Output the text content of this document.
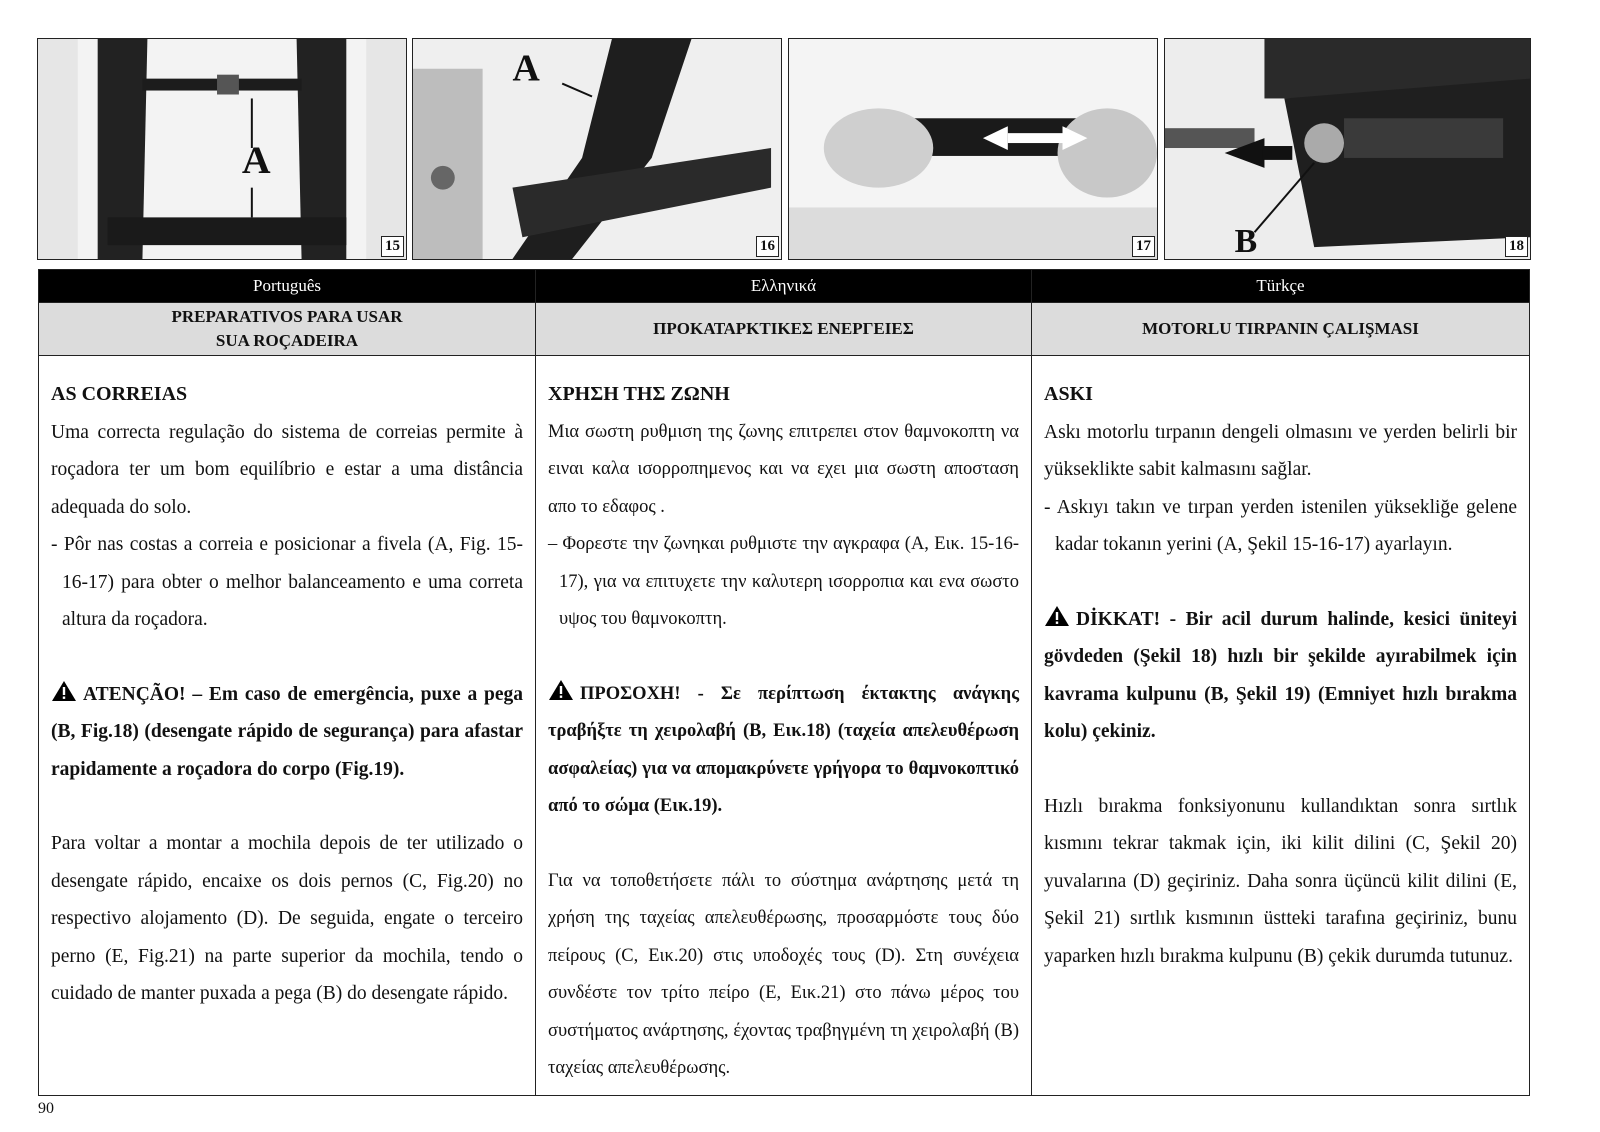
A
15
A
16	17 B	18
Português
PREPARATIVOS PARA USAR
SUA ROÇADEIRA

AS CORREIAS

Uma correcta regulação do sistema de correias permite à roçadora ter um bom equilíbrio e estar a uma distância adequada do solo.

- Pôr nas costas a correia e posicionar a fivela (A, Fig. 15-16-17) para obter o melhor balanceamento e uma correta altura da roçadora.

ATENÇÃO! – Em caso de emergência, puxe a pega (B, Fig.18) (desengate rápido de segurança) para afastar rapidamente a roçadora do corpo (Fig.19).

Para voltar a montar a mochila depois de ter utilizado o desengate rápido, encaixe os dois pernos (C, Fig.20) no respectivo alojamento (D). De seguida, engate o terceiro perno (E, Fig.21) na parte superior da mochila, tendo o cuidado de manter puxada a pega (B) do desengate rápido.

Ελληνικά
ΠΡΟΚΑΤΑΡΚΤΙΚΕΣ ΕΝΕΡΓΕΙΕΣ

ΧΡΗΣΗ ΤΗΣ ΖΩΝΗ

Μια σωστη ρυθμιση της ζωνης επιτρεπει στον θαμνοκοπτη να ειναι καλα ισορροπημενος και να εχει μια σωστη αποσταση απο το εδαφος .

– Φορεστε την ζωνηκαι ρυθμιστε την αγκραφα (A, Εικ. 15-16-17), για να επιτυχετε την καλυτερη ισορροπια και ενα σωστο υψος του θαμνοκοπτη.

ΠΡΟΣΟΧΗ! - Σε περίπτωση έκτακτης ανάγκης τραβήξτε τη χειρολαβή (Β, Εικ.18) (ταχεία απελευθέρωση ασφαλείας) για να απομακρύνετε γρήγορα το θαμνοκοπτικό από το σώμα (Εικ.19).

Για να τοποθετήσετε πάλι το σύστημα ανάρτησης μετά τη χρήση της ταχείας απελευθέρωσης, προσαρμόστε τους δύο πείρους (C, Εικ.20) στις υποδοχές τους (D). Στη συνέχεια συνδέστε τον τρίτο πείρο (E, Εικ.21) στο πάνω μέρος του συστήματος ανάρτησης, έχοντας τραβηγμένη τη χειρολαβή (B) ταχείας απελευθέρωσης.

Türkçe
MOTORLU TIRPANIN ÇALIŞMASI

ASKI

Askı motorlu tırpanın dengeli olmasını ve yerden belirli bir yükseklikte sabit kalmasını sağlar.

- Askıyı takın ve tırpan yerden istenilen yüksekliğe gelene kadar tokanın yerini (A, Şekil 15-16-17) ayarlayın.

DİKKAT! - Bir acil durum halinde, kesici üniteyi gövdeden (Şekil 18) hızlı bir şekilde ayırabilmek için kavrama kulpunu (B, Şekil 19) (Emniyet hızlı bırakma kolu) çekiniz.

Hızlı bırakma fonksiyonunu kullandıktan sonra sırtlık kısmını tekrar takmak için, iki kilit dilini (C, Şekil 20) yuvalarına (D) geçiriniz. Daha sonra üçüncü kilit dilini (E, Şekil 21) sırtlık kısmının üstteki tarafına geçiriniz, bunu yaparken hızlı bırakma kulpunu (B) çekik durumda tutunuz.

90
